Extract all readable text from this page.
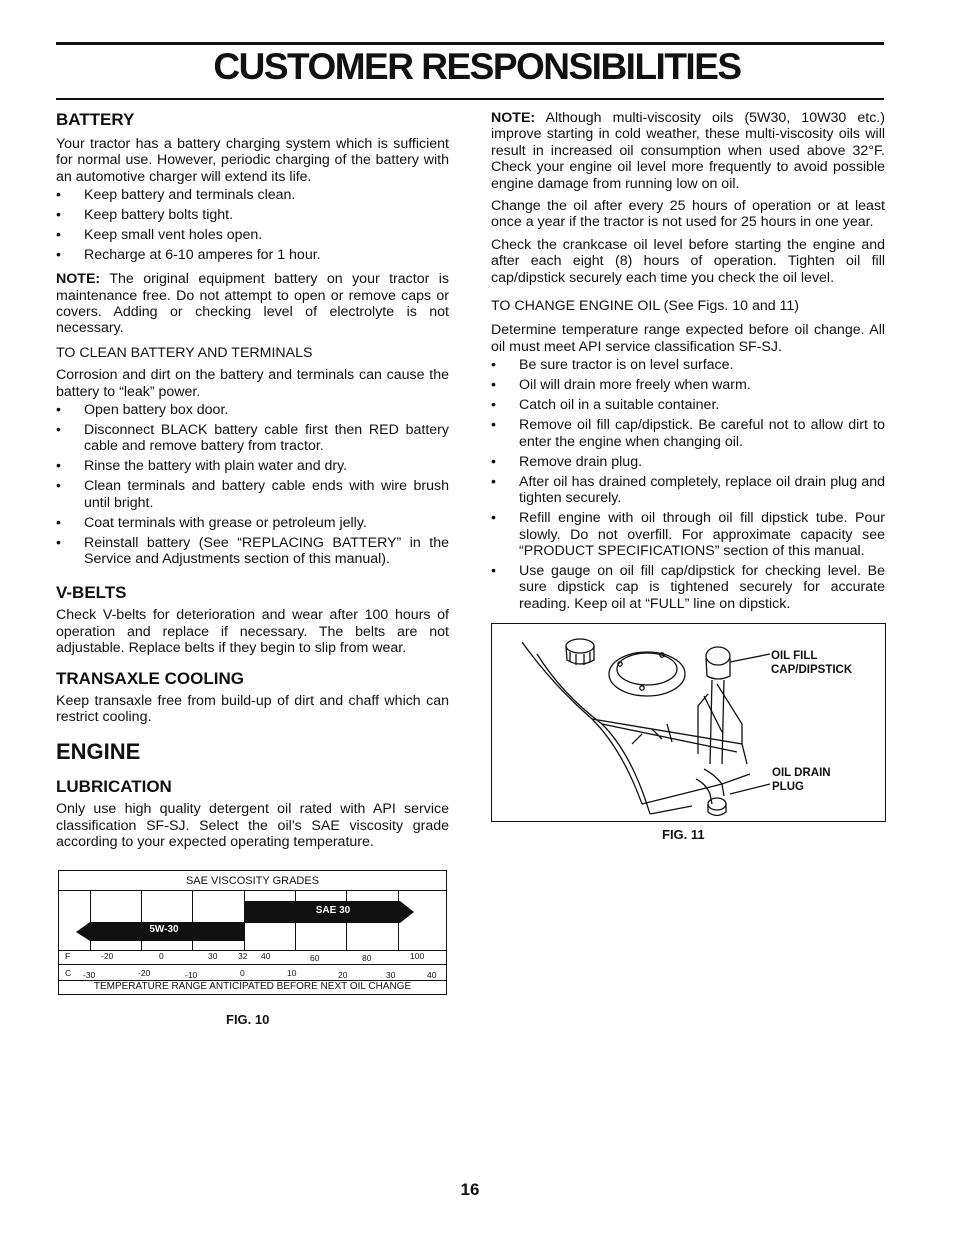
CUSTOMER RESPONSIBILITIES
BATTERY

Your tractor has a battery charging system which is sufficient for normal use. However, periodic charging of the battery with an automotive charger will extend its life.

• Keep battery and terminals clean.
• Keep battery bolts tight.
• Keep small vent holes open.
• Recharge at 6-10 amperes for 1 hour.

NOTE: The original equipment battery on your tractor is maintenance free. Do not attempt to open or remove caps or covers. Adding or checking level of electrolyte is not necessary.

TO CLEAN BATTERY AND TERMINALS

Corrosion and dirt on the battery and terminals can cause the battery to “leak” power.

• Open battery box door.
• Disconnect BLACK battery cable first then RED battery cable and remove battery from tractor.
• Rinse the battery with plain water and dry.
• Clean terminals and battery cable ends with wire brush until bright.
• Coat terminals with grease or petroleum jelly.
• Reinstall battery (See “REPLACING BATTERY” in the Service and Adjustments section of this manual).
V-BELTS

Check V-belts for deterioration and wear after 100 hours of operation and replace if necessary. The belts are not adjustable. Replace belts if they begin to slip from wear.

TRANSAXLE COOLING

Keep transaxle free from build-up of dirt and chaff which can restrict cooling.

ENGINE
LUBRICATION

Only use high quality detergent oil rated with API service classification SF-SJ. Select the oil’s SAE viscosity grade according to your expected operating temperature.

SAE VISCOSITY GRADES
SAE 30
5W-30
F	-20	0	30 32 40	60	80	100
C -30	-20	-10	0	10	20	30	40
TEMPERATURE RANGE ANTICIPATED BEFORE NEXT OIL CHANGE
FIG. 10

NOTE: Although multi-viscosity oils (5W30, 10W30 etc.) improve starting in cold weather, these multi-viscosity oils will result in increased oil consumption when used above 32°F. Check your engine oil level more frequently to avoid possible engine damage from running low on oil.

Change the oil after every 25 hours of operation or at least once a year if the tractor is not used for 25 hours in one year.

Check the crankcase oil level before starting the engine and after each eight (8) hours of operation. Tighten oil fill cap/dipstick securely each time you check the oil level.

TO CHANGE ENGINE OIL (See Figs. 10 and 11)

Determine temperature range expected before oil change. All oil must meet API service classification SF-SJ.

• Be sure tractor is on level surface.
• Oil will drain more freely when warm.
• Catch oil in a suitable container.
• Remove oil fill cap/dipstick. Be careful not to allow dirt to enter the engine when changing oil.
• Remove drain plug.
• After oil has drained completely, replace oil drain plug and tighten securely.
• Refill engine with oil through oil fill dipstick tube. Pour slowly. Do not overfill. For approximate capacity see “PRODUCT SPECIFICATIONS” section of this manual.
• Use gauge on oil fill cap/dipstick for checking level. Be sure dipstick cap is tightened securely for accurate reading. Keep oil at “FULL” line on dipstick.
OIL FILL
CAP/DIPSTICK
OIL DRAIN
PLUG
FIG. 11
16
